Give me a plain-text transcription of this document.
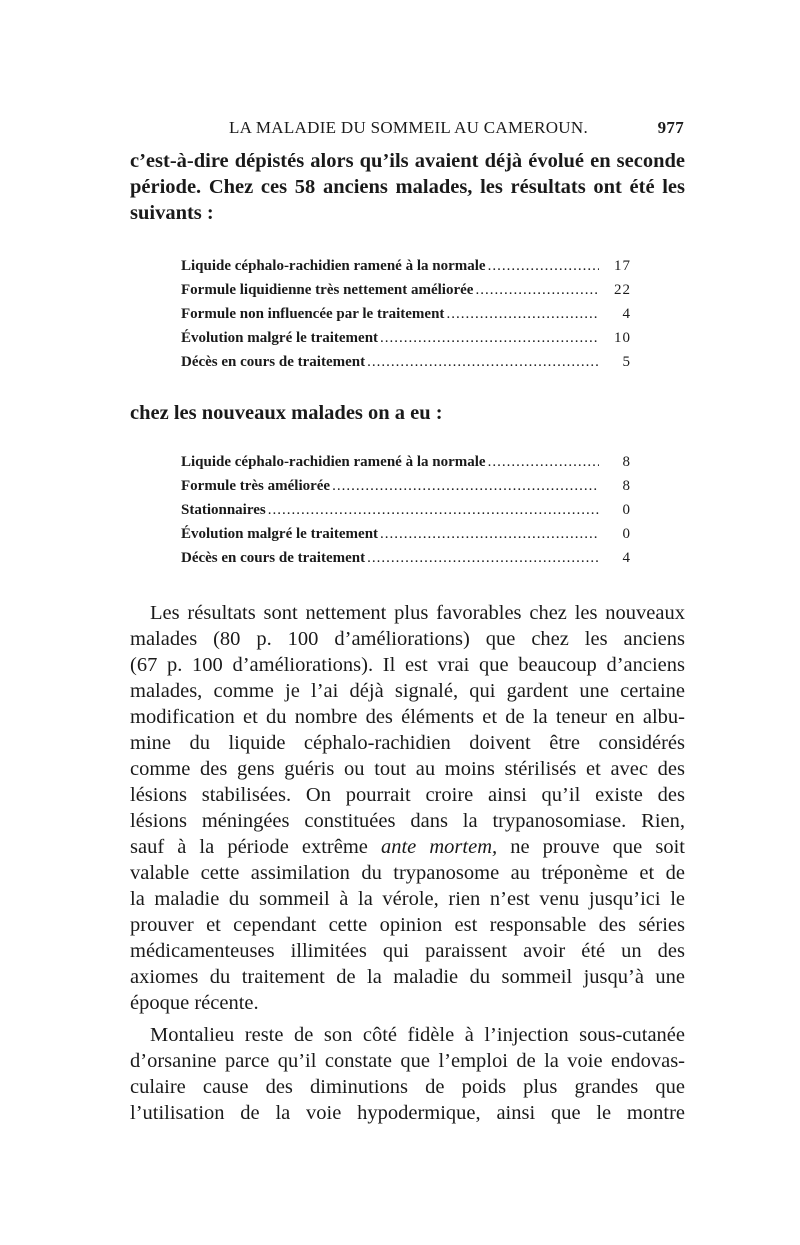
LA MALADIE DU SOMMEIL AU CAMEROUN.	977
c’est-à-dire dépistés alors qu’ils avaient déjà évolué en seconde
période. Chez ces 58 anciens malades, les résultats ont été les
suivants :
Liquide céphalo-rachidien ramené à la normale .....	17
Formule liquidienne très nettement améliorée .....	22
Formule non influencée par le traitement .....	4
Évolution malgré le traitement .....	10
Décès en cours de traitement .....	5
chez les nouveaux malades on a eu :
Liquide céphalo-rachidien ramené à la normale .....	8
Formule très améliorée .....	8
Stationnaires .....	0
Évolution malgré le traitement .....	0
Décès en cours de traitement .....	4
Les résultats sont nettement plus favorables chez les nouveaux
malades (80 p. 100 d’améliorations) que chez les anciens
(67 p. 100 d’améliorations). Il est vrai que beaucoup d’anciens
malades, comme je l’ai déjà signalé, qui gardent une certaine
modification et du nombre des éléments et de la teneur en albu-
mine du liquide céphalo-rachidien doivent être considérés
comme des gens guéris ou tout au moins stérilisés et avec des
lésions stabilisées. On pourrait croire ainsi qu’il existe des
lésions méningées constituées dans la trypanosomiase. Rien,
sauf à la période extrême ante mortem, ne prouve que soit
valable cette assimilation du trypanosome au tréponème et de
la maladie du sommeil à la vérole, rien n’est venu jusqu’ici le
prouver et cependant cette opinion est responsable des séries
médicamenteuses illimitées qui paraissent avoir été un des
axiomes du traitement de la maladie du sommeil jusqu’à une
époque récente.
Montalieu reste de son côté fidèle à l’injection sous-cutanée
d’orsanine parce qu’il constate que l’emploi de la voie endovas-
culaire cause des diminutions de poids plus grandes que
l’utilisation de la voie hypodermique, ainsi que le montre
